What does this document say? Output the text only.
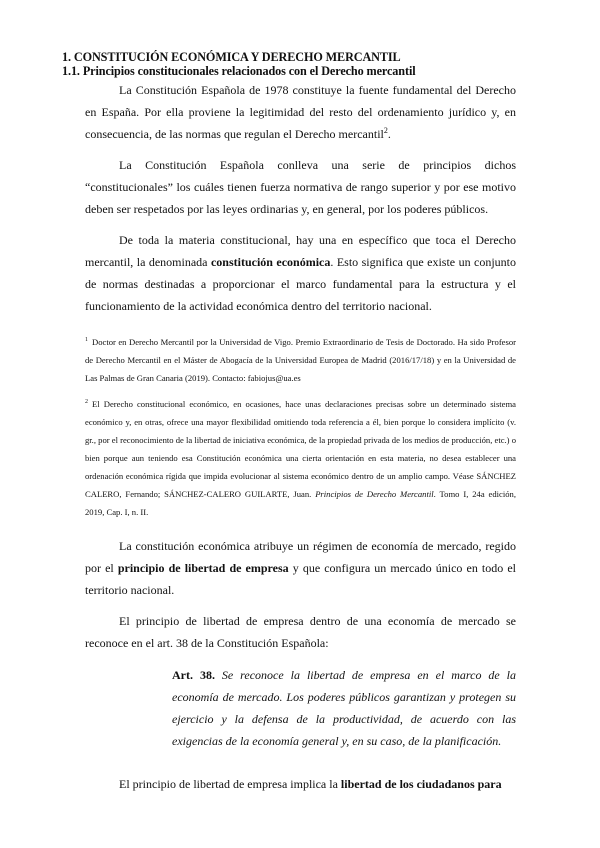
1. CONSTITUCIÓN ECONÓMICA Y DERECHO MERCANTIL
1.1. Principios constitucionales relacionados con el Derecho mercantil

La Constitución Española de 1978 constituye la fuente fundamental del Derecho en España. Por ella proviene la legitimidad del resto del ordenamiento jurídico y, en consecuencia, de las normas que regulan el Derecho mercantil$^2$.

La Constitución Española conlleva una serie de principios dichos “constitucionales” los cuáles tienen fuerza normativa de rango superior y por ese motivo deben ser respetados por las leyes ordinarias y, en general, por los poderes públicos.

De toda la materia constitucional, hay una en específico que toca el Derecho mercantil, la denominada constitución económica. Esto significa que existe un conjunto de normas destinadas a proporcionar el marco fundamental para la estructura y el funcionamiento de la actividad económica dentro del territorio nacional.

$^1$ Doctor en Derecho Mercantil por la Universidad de Vigo. Premio Extraordinario de Tesis de Doctorado. Ha sido Profesor de Derecho Mercantil en el Máster de Abogacía de la Universidad Europea de Madrid (2016/17/18) y en la Universidad de Las Palmas de Gran Canaria (2019). Contacto: fabiojus@ua.es

$^2$ El Derecho constitucional económico, en ocasiones, hace unas declaraciones precisas sobre un determinado sistema económico y, en otras, ofrece una mayor flexibilidad omitiendo toda referencia a él, bien porque lo considera implícito (v. gr., por el reconocimiento de la libertad de iniciativa económica, de la propiedad privada de los medios de producción, etc.) o bien porque aun teniendo esa Constitución económica una cierta orientación en esta materia, no desea establecer una ordenación económica rígida que impida evolucionar al sistema económico dentro de un amplio campo. Véase SÁNCHEZ CALERO, Fernando; SÁNCHEZ-CALERO GUILARTE, Juan. Principios de Derecho Mercantil. Tomo I, 24a edición, 2019, Cap. I, n. II.

La constitución económica atribuye un régimen de economía de mercado, regido por el principio de libertad de empresa y que configura un mercado único en todo el territorio nacional.

El principio de libertad de empresa dentro de una economía de mercado se reconoce en el art. 38 de la Constitución Española:

Art. 38. Se reconoce la libertad de empresa en el marco de la economía de mercado. Los poderes públicos garantizan y protegen su ejercicio y la defensa de la productividad, de acuerdo con las exigencias de la economía general y, en su caso, de la planificación.

El principio de libertad de empresa implica la libertad de los ciudadanos para
